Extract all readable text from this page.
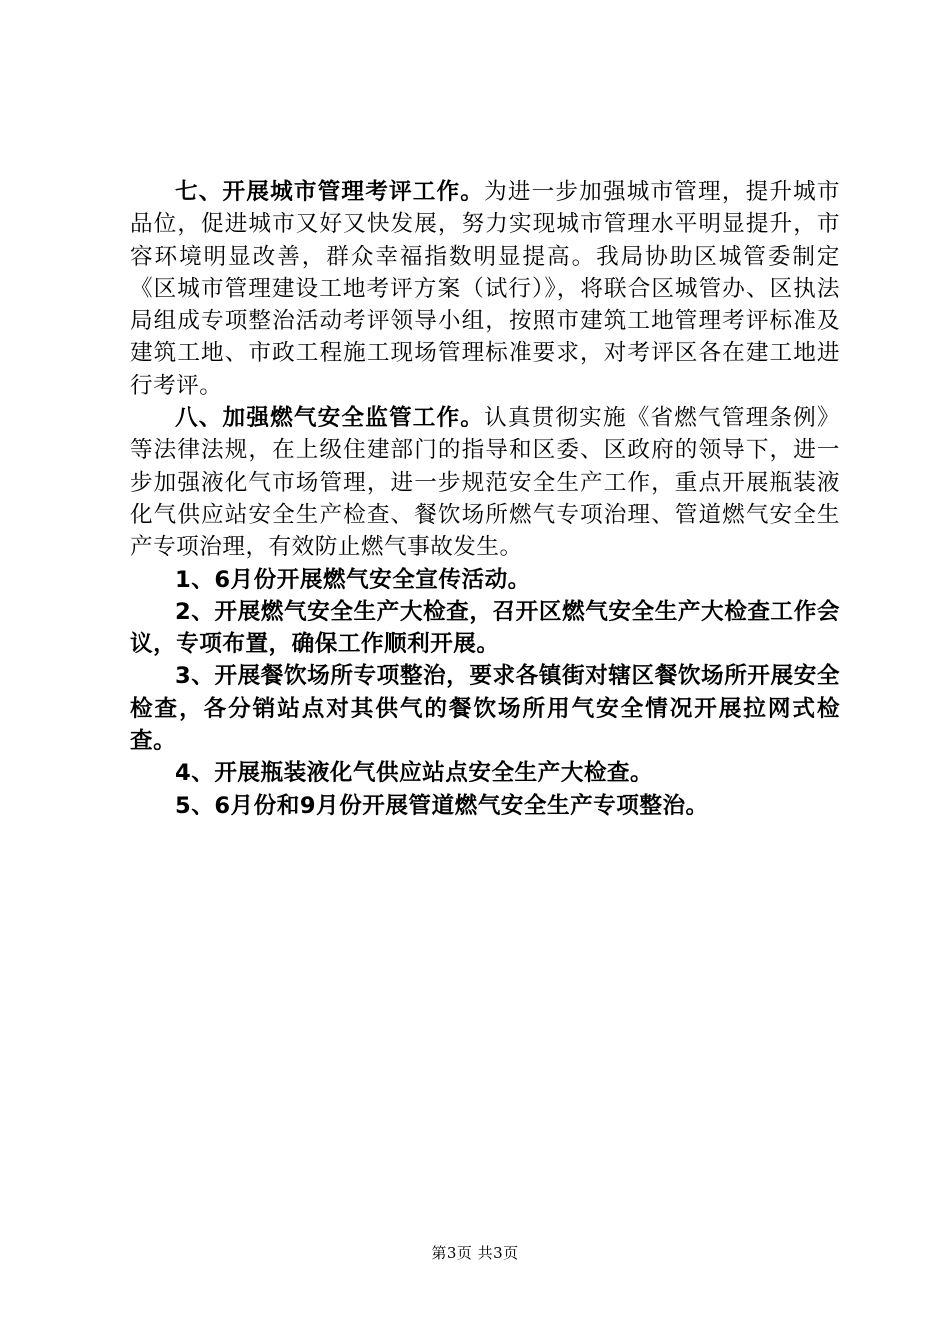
七、开展城市管理考评工作。为进一步加强城市管理，提升城市品位，促进城市又好又快发展，努力实现城市管理水平明显提升，市容环境明显改善，群众幸福指数明显提高。我局协助区城管委制定《区城市管理建设工地考评方案（试行）》，将联合区城管办、区执法局组成专项整治活动考评领导小组，按照市建筑工地管理考评标准及建筑工地、市政工程施工现场管理标准要求，对考评区各在建工地进行考评。

八、加强燃气安全监管工作。认真贯彻实施《省燃气管理条例》等法律法规，在上级住建部门的指导和区委、区政府的领导下，进一步加强液化气市场管理，进一步规范安全生产工作，重点开展瓶装液化气供应站安全生产检查、餐饮场所燃气专项治理、管道燃气安全生产专项治理，有效防止燃气事故发生。

1、6月份开展燃气安全宣传活动。

2、开展燃气安全生产大检查，召开区燃气安全生产大检查工作会议，专项布置，确保工作顺利开展。

3、开展餐饮场所专项整治，要求各镇街对辖区餐饮场所开展安全检查，各分销站点对其供气的餐饮场所用气安全情况开展拉网式检查。

4、开展瓶装液化气供应站点安全生产大检查。

5、6月份和9月份开展管道燃气安全生产专项整治。

第3页 共3页
